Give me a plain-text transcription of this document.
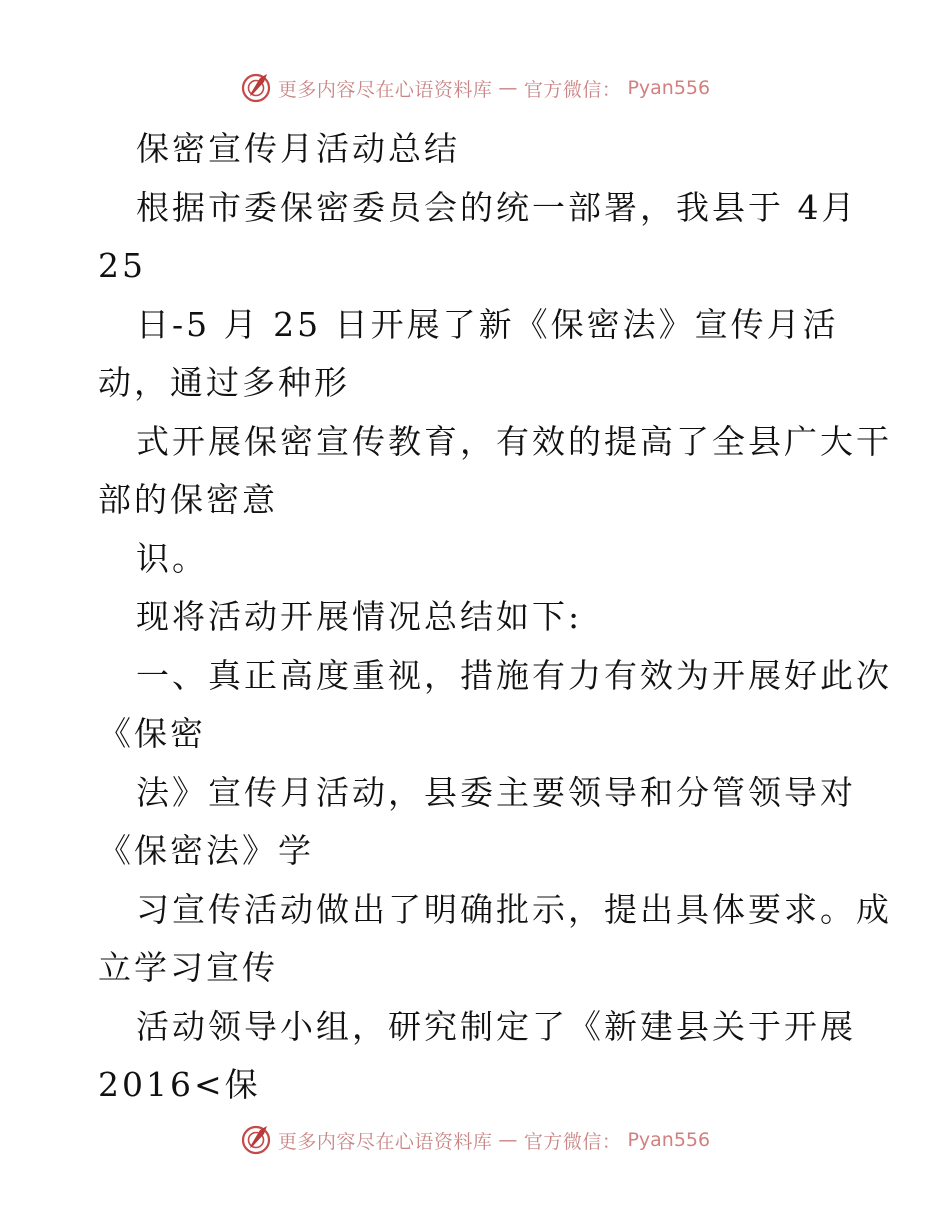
更多内容尽在心语资料库 — 官方微信： Pyan556
保密宣传月活动总结
根据市委保密委员会的统一部署，我县于 4月
25
日-5 月 25 日开展了新《保密法》宣传月活
动，通过多种形
式开展保密宣传教育，有效的提高了全县广大干
部的保密意
识。
现将活动开展情况总结如下:
一、真正高度重视，措施有力有效为开展好此次
《保密
法》宣传月活动，县委主要领导和分管领导对
《保密法》学
习宣传活动做出了明确批示，提出具体要求。成
立学习宣传
活动领导小组，研究制定了《新建县关于开展
2016<保
更多内容尽在心语资料库 — 官方微信： Pyan556
